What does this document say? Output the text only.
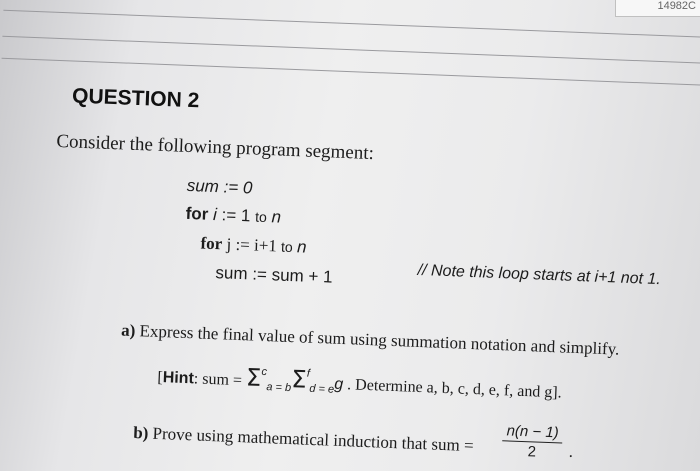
14982C
QUESTION 2
Consider the following program segment:
sum := 0
for i := 1 to n
for j := i+1 to n
sum := sum + 1	// Note this loop starts at i+1 not 1.
a) Express the final value of sum using summation notation and simplify.
[Hint: sum = $\Sigma^c_{a = b}\Sigma^f_{d = e}g$ . Determine a, b, c, d, e, f, and g].
b) Prove using mathematical induction that sum = $\frac{n(n - 1)}{2}$ .
